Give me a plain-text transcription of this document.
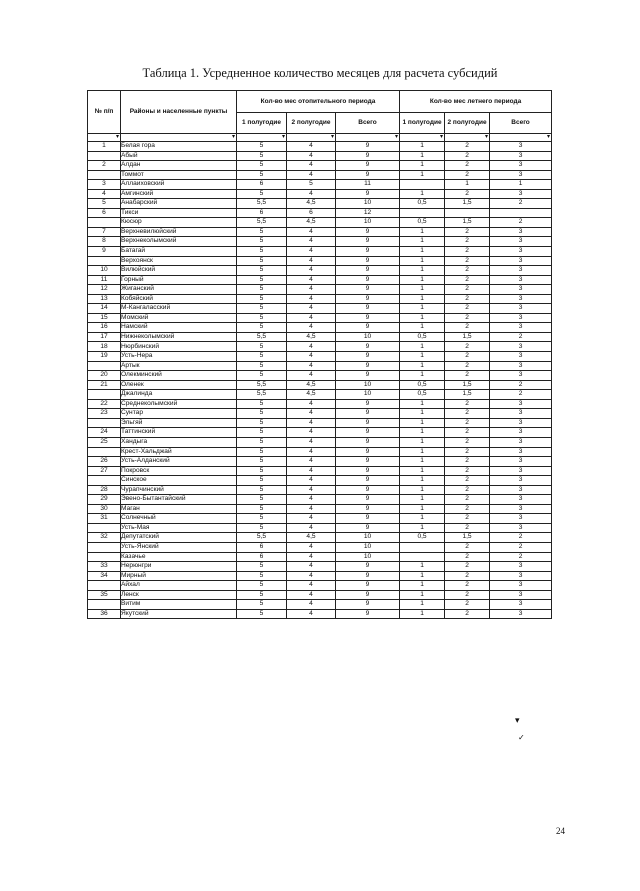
Таблица 1. Усредненное количество месяцев для расчета субсидий
№ п/п	Районы и населенные пункты	Кол-во мес отопительного периода			Кол-во мес летнего периода		
		1 полугодие	2 полугодие	Всего	1 полугодие	2 полугодие	Всего

▾	▾	▾	▾	▾	▾	▾	▾

1	Белая гора	5	4	9	1	2	3
	Абый	5	4	9	1	2	3
2	Алдан	5	4	9	1	2	3
	Томмот	5	4	9	1	2	3
3	Аллаиховский	6	5	11		1	1
4	Амгинский	5	4	9	1	2	3
5	Анабарский	5,5	4,5	10	0,5	1,5	2
6	Тикси	6	6	12			
	Кюсюр	5,5	4,5	10	0,5	1,5	2
7	Верхневилюйский	5	4	9	1	2	3
8	Верхнеколымский	5	4	9	1	2	3
9	Батагай	5	4	9	1	2	3
	Верхоянск	5	4	9	1	2	3
10	Вилюйский	5	4	9	1	2	3
11	Горный	5	4	9	1	2	3
12	Жиганский	5	4	9	1	2	3
13	Кобяйский	5	4	9	1	2	3
14	М-Кангаласский	5	4	9	1	2	3
15	Момский	5	4	9	1	2	3
16	Намский	5	4	9	1	2	3
17	Нижнеколымский	5,5	4,5	10	0,5	1,5	2
18	Нюрбинский	5	4	9	1	2	3
19	Усть-Нера	5	4	9	1	2	3
	Артык	5	4	9	1	2	3
20	Олекминский	5	4	9	1	2	3
21	Оленек	5,5	4,5	10	0,5	1,5	2
	Джалинда	5,5	4,5	10	0,5	1,5	2
22	Среднеколымский	5	4	9	1	2	3
23	Сунтар	5	4	9	1	2	3
	Эльгяй	5	4	9	1	2	3
24	Таттинский	5	4	9	1	2	3
25	Хандыга	5	4	9	1	2	3
	Крест-Хальджай	5	4	9	1	2	3
26	Усть-Алданский	5	4	9	1	2	3
27	Покровск	5	4	9	1	2	3
	Синское	5	4	9	1	2	3
28	Чурапчинский	5	4	9	1	2	3
29	Эвено-Бытантайский	5	4	9	1	2	3
30	Маган	5	4	9	1	2	3
31	Солнечный	5	4	9	1	2	3
	Усть-Мая	5	4	9	1	2	3
32	Депутатский	5,5	4,5	10	0,5	1,5	2
	Усть-Янский	6	4	10		2	2
	Казачье	6	4	10		2	2
33	Нерюнгри	5	4	9	1	2	3
34	Мирный	5	4	9	1	2	3
	Айхал	5	4	9	1	2	3
35	Ленск	5	4	9	1	2	3
	Витим	5	4	9	1	2	3
36	Якутский	5	4	9	1	2	3
▾
✓
24
